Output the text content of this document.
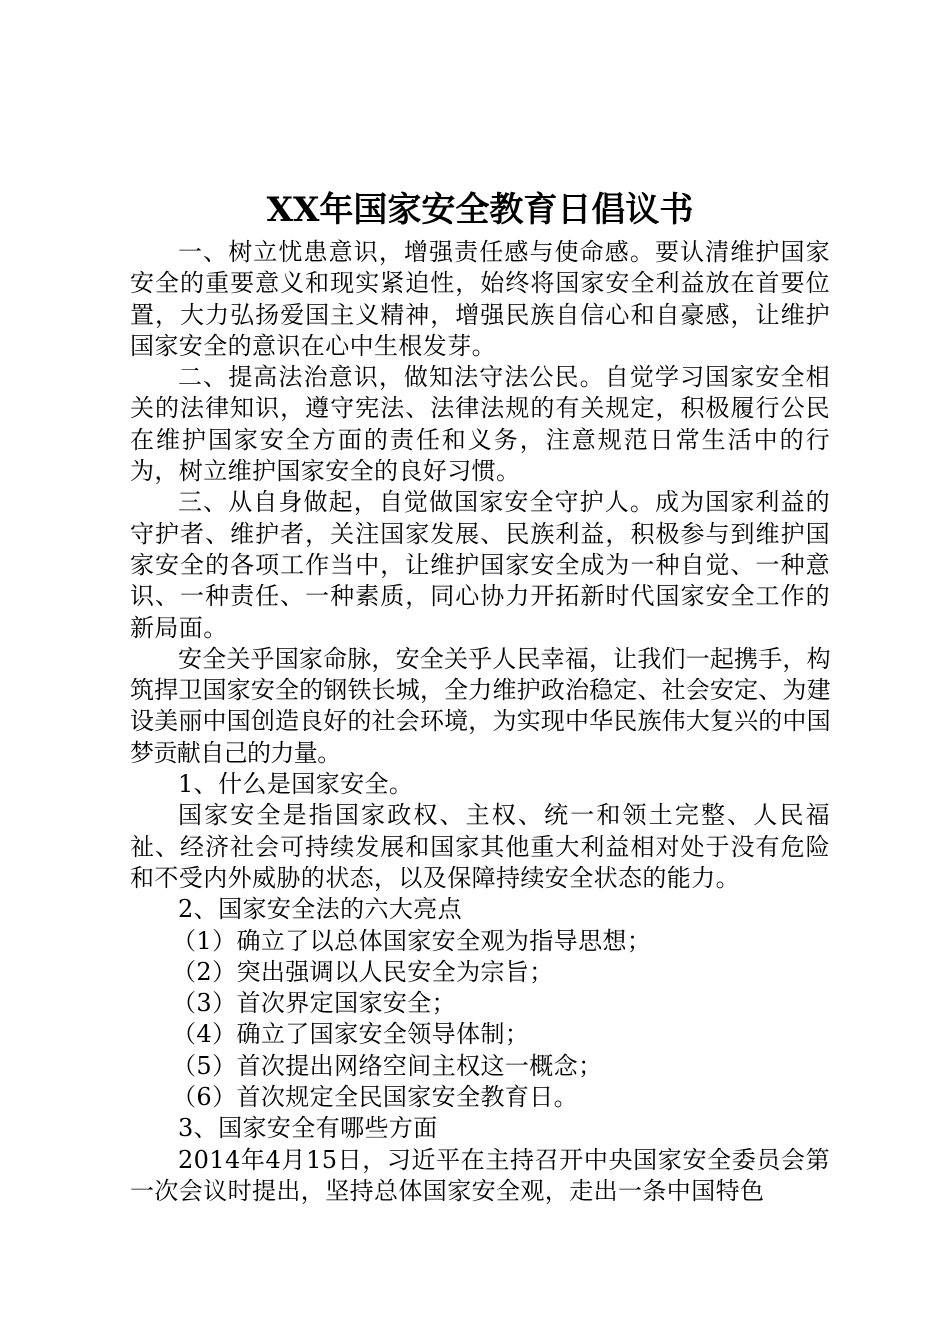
XX年国家安全教育日倡议书

一、树立忧患意识，增强责任感与使命感。要认清维护国家安全的重要意义和现实紧迫性，始终将国家安全利益放在首要位置，大力弘扬爱国主义精神，增强民族自信心和自豪感，让维护国家安全的意识在心中生根发芽。

二、提高法治意识，做知法守法公民。自觉学习国家安全相关的法律知识，遵守宪法、法律法规的有关规定，积极履行公民在维护国家安全方面的责任和义务，注意规范日常生活中的行为，树立维护国家安全的良好习惯。

三、从自身做起，自觉做国家安全守护人。成为国家利益的守护者、维护者，关注国家发展、民族利益，积极参与到维护国家安全的各项工作当中，让维护国家安全成为一种自觉、一种意识、一种责任、一种素质，同心协力开拓新时代国家安全工作的新局面。

安全关乎国家命脉，安全关乎人民幸福，让我们一起携手，构筑捍卫国家安全的钢铁长城，全力维护政治稳定、社会安定、为建设美丽中国创造良好的社会环境，为实现中华民族伟大复兴的中国梦贡献自己的力量。

1、什么是国家安全。

国家安全是指国家政权、主权、统一和领土完整、人民福祉、经济社会可持续发展和国家其他重大利益相对处于没有危险和不受内外威胁的状态，以及保障持续安全状态的能力。

2、国家安全法的六大亮点

（1）确立了以总体国家安全观为指导思想；

（2）突出强调以人民安全为宗旨；

（3）首次界定国家安全；

（4）确立了国家安全领导体制；

（5）首次提出网络空间主权这一概念；

（6）首次规定全民国家安全教育日。

3、国家安全有哪些方面

2014年4月15日，习近平在主持召开中央国家安全委员会第一次会议时提出，坚持总体国家安全观，走出一条中国特色
